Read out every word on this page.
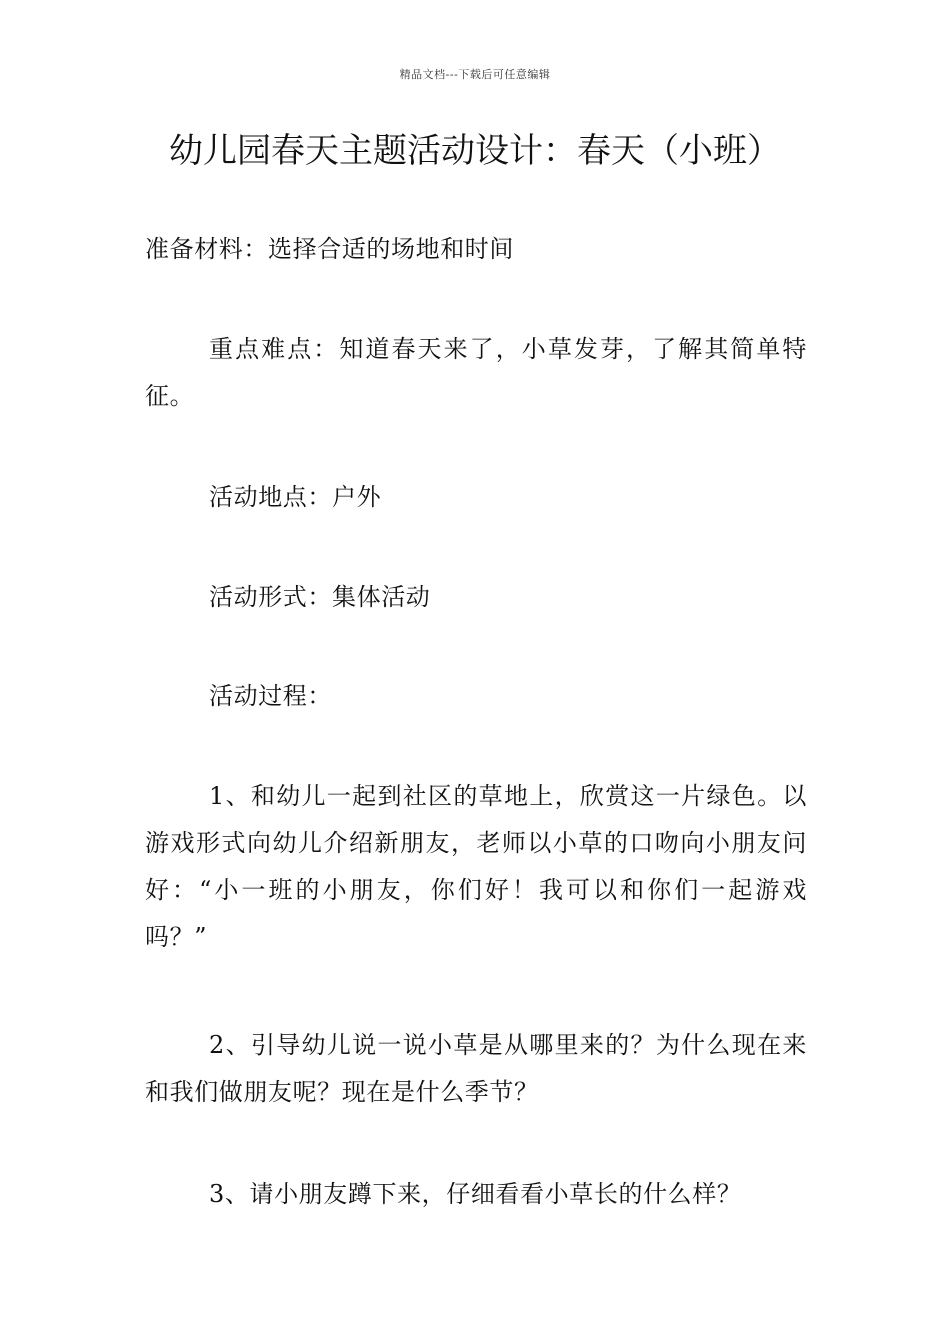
精品文档---下载后可任意编辑
幼儿园春天主题活动设计：春天（小班）
准备材料：选择合适的场地和时间
重点难点：知道春天来了，小草发芽，了解其简单特征。
活动地点：户外
活动形式：集体活动
活动过程：
1、和幼儿一起到社区的草地上，欣赏这一片绿色。以游戏形式向幼儿介绍新朋友，老师以小草的口吻向小朋友问好：“小一班的小朋友，你们好！我可以和你们一起游戏吗？”
2、引导幼儿说一说小草是从哪里来的？为什么现在来和我们做朋友呢？现在是什么季节？
3、请小朋友蹲下来，仔细看看小草长的什么样？
